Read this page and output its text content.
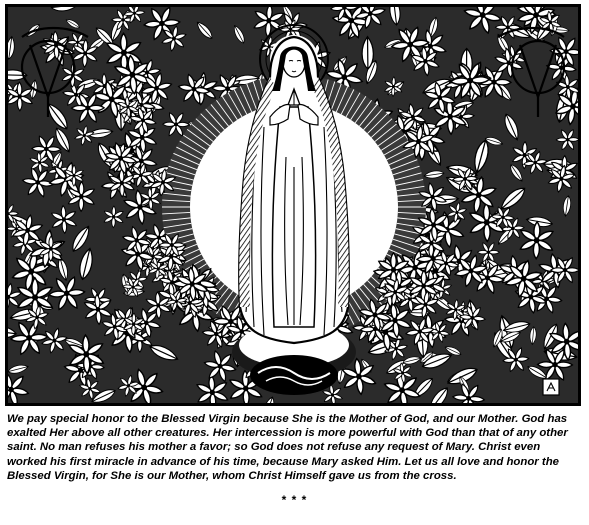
We pay special honor to the Blessed Virgin because She is the Mother of God, and our Mother. God has exalted Her above all other creatures. Her intercession is more powerful with God than that of any other saint. No man refuses his mother a favor; so God does not refuse any request of Mary. Christ even worked his first miracle in advance of his time, because Mary asked Him. Let us all love and honor the Blessed Virgin, for She is our Mother, whom Christ Himself gave us from the cross.

* * *
